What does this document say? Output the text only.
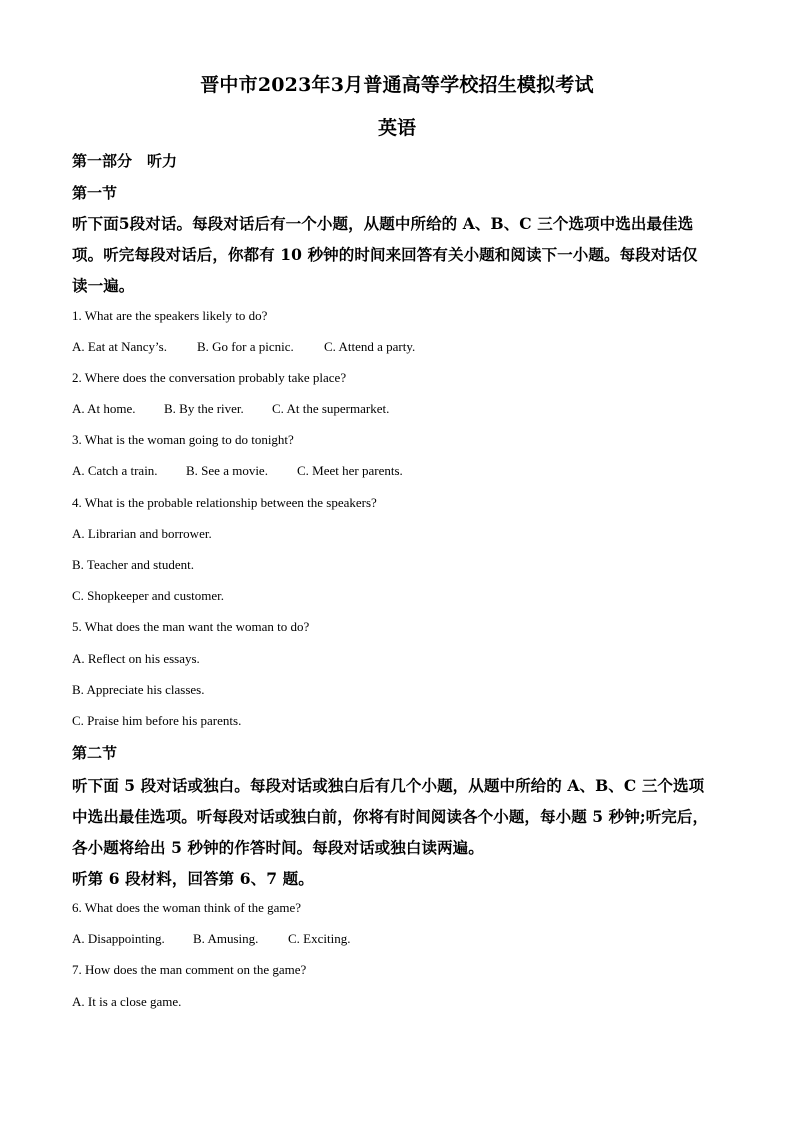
晋中市2023年3月普通高等学校招生模拟考试
英语
第一部分　听力
第一节
听下面5段对话。每段对话后有一个小题，从题中所给的 A、B、C 三个选项中选出最佳选
项。听完每段对话后，你都有 10 秒钟的时间来回答有关小题和阅读下一小题。每段对话仅
读一遍。
1. What are the speakers likely to do?
A. Eat at Nancy’s. B. Go for a picnic. C. Attend a party.
2. Where does the conversation probably take place?
A. At home. B. By the river. C. At the supermarket.
3. What is the woman going to do tonight?
A. Catch a train. B. See a movie. C. Meet her parents.
4. What is the probable relationship between the speakers?
A. Librarian and borrower.
B. Teacher and student.
C. Shopkeeper and customer.
5. What does the man want the woman to do?
A. Reflect on his essays.
B. Appreciate his classes.
C. Praise him before his parents.
第二节
听下面 5 段对话或独白。每段对话或独白后有几个小题，从题中所给的 A、B、C 三个选项
中选出最佳选项。听每段对话或独白前，你将有时间阅读各个小题，每小题 5 秒钟;听完后，
各小题将给出 5 秒钟的作答时间。每段对话或独白读两遍。
听第 6 段材料，回答第 6、7 题。
6. What does the woman think of the game?
A. Disappointing. B. Amusing. C. Exciting.
7. How does the man comment on the game?
A. It is a close game.
